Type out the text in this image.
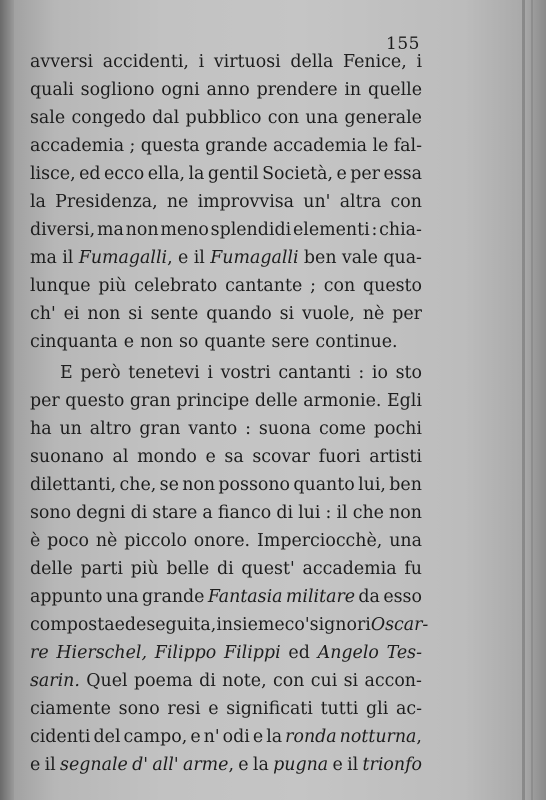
155
avversi accidenti, i virtuosi della Fenice, i
quali sogliono ogni anno prendere in quelle
sale congedo dal pubblico con una generale
accademia ; questa grande accademia le fal-
lisce, ed ecco ella, la gentil Società, e per essa
la Presidenza, ne improvvisa un' altra con
diversi, ma non meno splendidi elementi : chia-
ma il Fumagalli, e il Fumagalli ben vale qua-
lunque più celebrato cantante ; con questo
ch' ei non si sente quando si vuole, nè per
cinquanta e non so quante sere continue.
E però tenetevi i vostri cantanti : io sto
per questo gran principe delle armonie. Egli
ha un altro gran vanto : suona come pochi
suonano al mondo e sa scovar fuori artisti
dilettanti, che, se non possono quanto lui, ben
sono degni di stare a fianco di lui : il che non
è poco nè piccolo onore. Imperciocchè, una
delle parti più belle di quest' accademia fu
appunto una grande Fantasia militare da esso
composta ed eseguita, insieme co' signori Oscar-
re Hierschel, Filippo Filippi ed Angelo Tes-
sarin. Quel poema di note, con cui si accon-
ciamente sono resi e significati tutti gli ac-
cidenti del campo, e n' odi e la ronda notturna,
e il segnale d' all' arme, e la pugna e il trionfo
